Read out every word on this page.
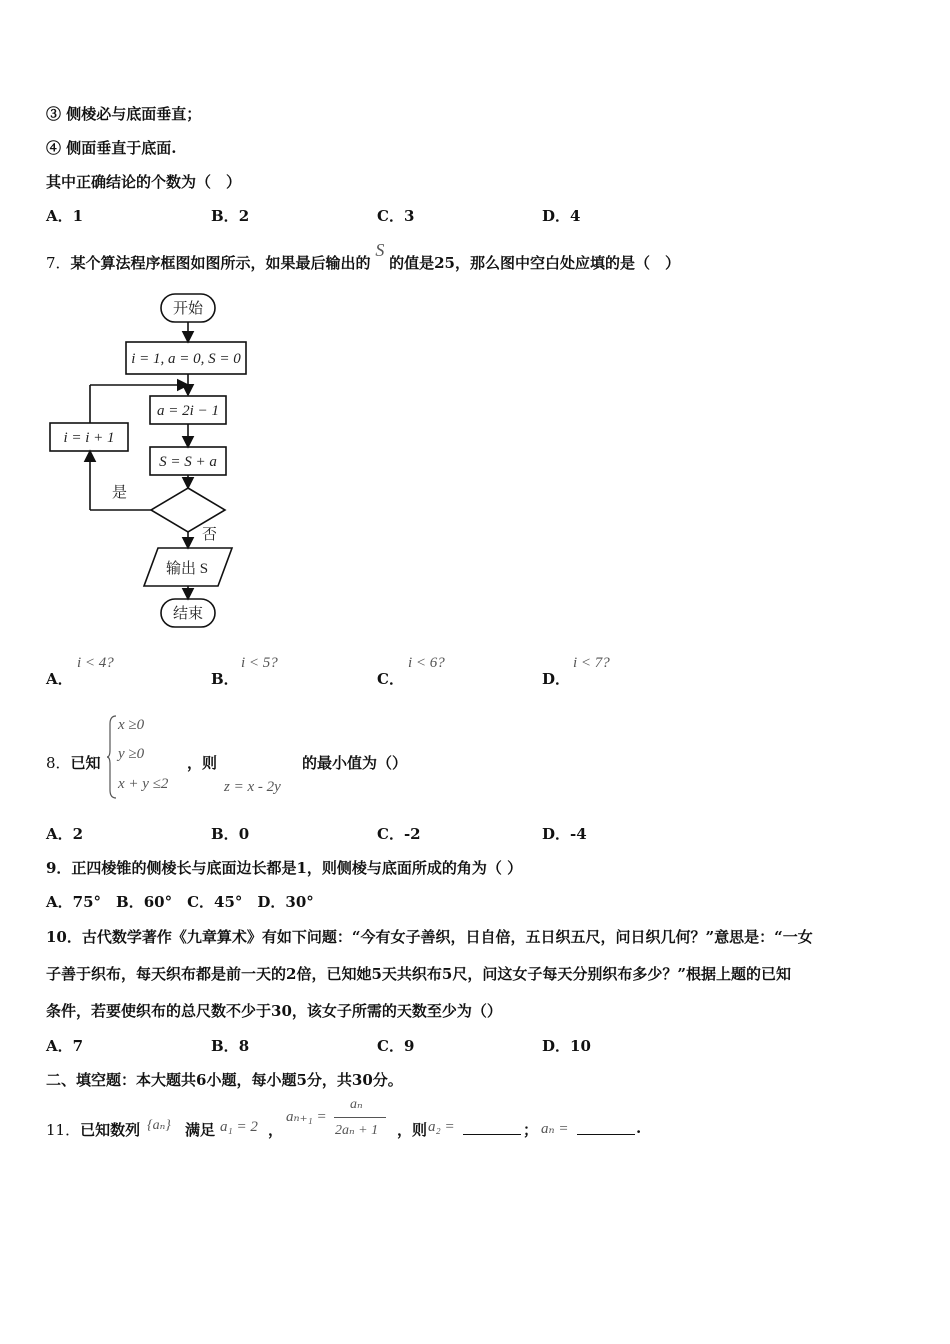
③ 侧棱必与底面垂直；
④ 侧面垂直于底面.
其中正确结论的个数为（　）
A．1	B．2	C．3	D．4
7．某个算法程序框图如图所示，如果最后输出的 S 的值是25，那么图中空白处应填的是（　）
开始
i = 1, a = 0, S = 0
a = 2i − 1
S = S + a
i = i + 1
是
否
输出 S
结束
A．
i < 4?
B．
i < 5?
C．
i < 6?
D．
i < 7?
8．已知
x ≥0
y ≥0
x + y ≤2
，则
z = x - 2y
的最小值为（）
A．2	B．0	C．-2	D．-4
9．正四棱锥的侧棱长与底面边长都是1，则侧棱与底面所成的角为（ ）
A．75°　B．60°　C．45°　D．30°
10．古代数学著作《九章算术》有如下问题：“今有女子善织，日自倍，五日织五尺，问日织几何？”意思是：“一女
子善于织布，每天织布都是前一天的2倍，已知她5天共织布5尺，问这女子每天分别织布多少？”根据上题的已知
条件，若要使织布的总尺数不少于30，该女子所需的天数至少为（）
A．7	B．8	C．9	D．10
二、填空题：本大题共6小题，每小题5分，共30分。
11．已知数列 {aₙ} 满足 a₁ = 2 ，
aₙ₊₁ =
aₙ
2aₙ + 1 ，则 a₂ =	； aₙ =	.
